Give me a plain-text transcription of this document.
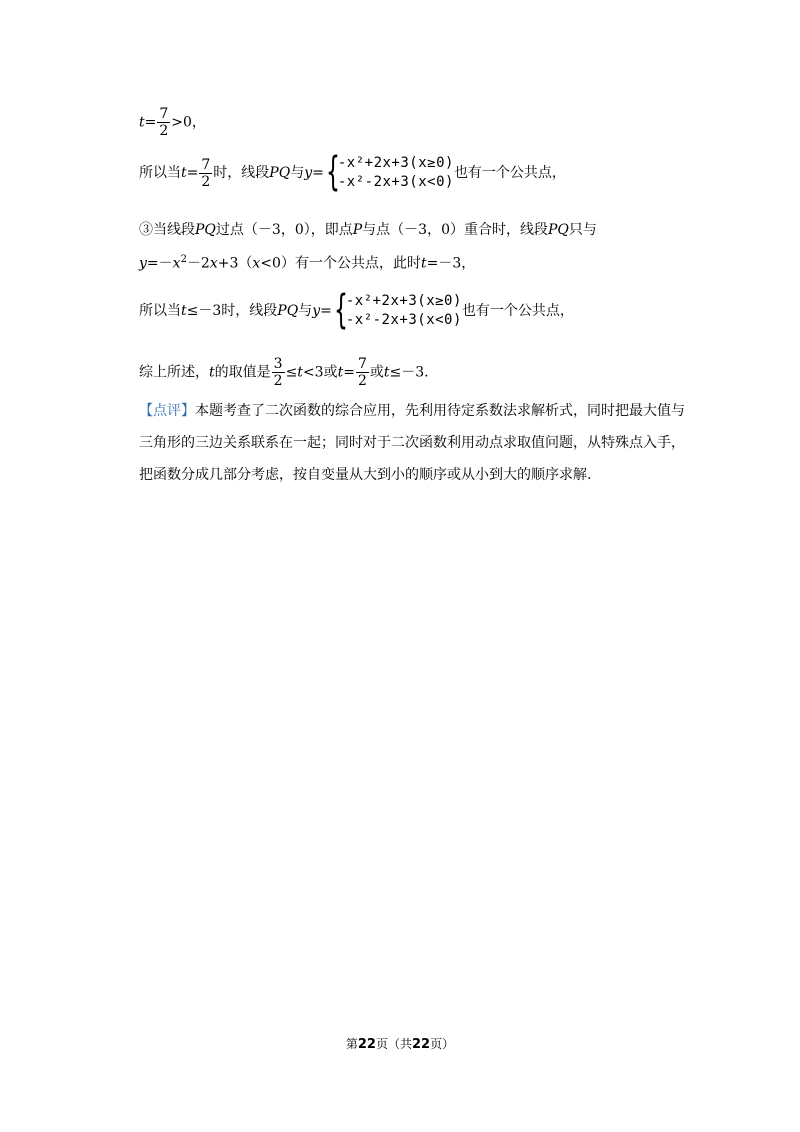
$t= \frac{7}{2} >0$，
所以当$t= \frac{7}{2}$ 时，线段PQ与y= {
-x²+2x+3(x≥0)
-x²-2x+3(x<0)
也有一个公共点，
③当线段PQ过点（－3，0），即点P与点（－3，0）重合时，线段PQ只与
$y=-x^2-2x+3(x<0)$有一个公共点，此时t=－3，
所以当t≤－3时，线段PQ与y= {
-x²+2x+3(x≥0)
-x²-2x+3(x<0)
也有一个公共点，
综上所述，t的取值是 $\frac{3}{2} \le t<3$或$t= \frac{7}{2}$ 或t≤－3.
【点评】本题考查了二次函数的综合应用，先利用待定系数法求解析式，同时把最大值与
三角形的三边关系联系在一起；同时对于二次函数利用动点求取值问题，从特殊点入手，
把函数分成几部分考虑，按自变量从大到小的顺序或从小到大的顺序求解.
第22页（共22页）
